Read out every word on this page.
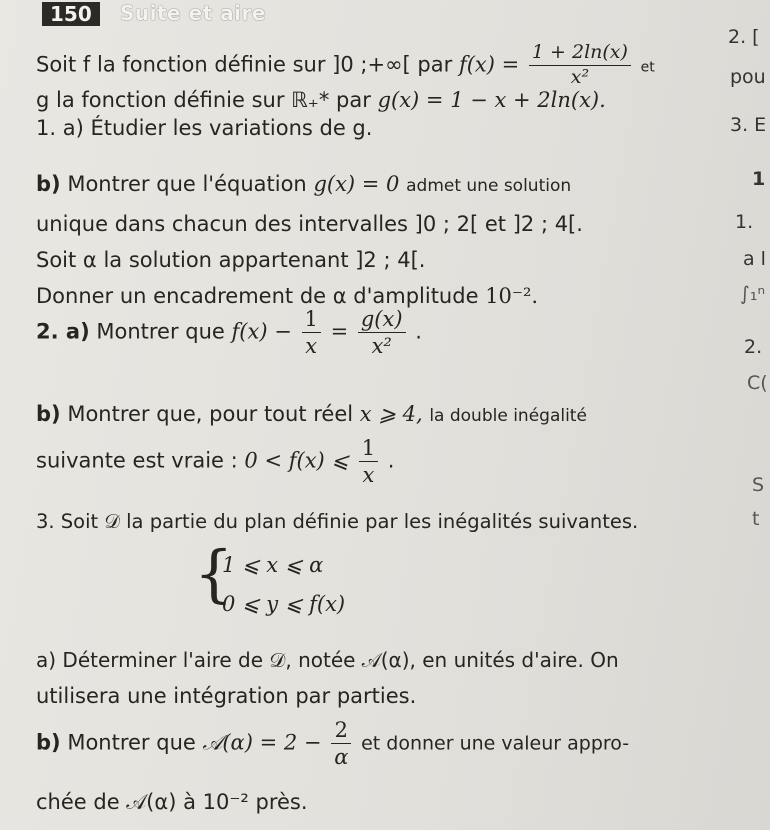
150	Suite et aire
Soit f la fonction définie sur ]0 ;+∞[ par $f(x) = \frac{1 + 2\ln(x)}{\text{x²}}$ et
g la fonction définie sur ℝ₊* par g(x) = 1 − x + 2ln(x).
1. a) Étudier les variations de g.
b) Montrer que l'équation g(x) = 0 admet une solution
unique dans chacun des intervalles ]0 ; 2[ et ]2 ; 4[.
Soit α la solution appartenant ]2 ; 4[.
Donner un encadrement de α d'amplitude 10⁻².
2. a) Montrer que $f(x) - \frac{1}{x} = \frac{g(x)}{\text{x²}}$ .
b) Montrer que, pour tout réel x ⩾ 4, la double inégalité
suivante est vraie : 0 < f(x) ⩽ $\frac{1}{x}$ .
3. Soit 𝒟 la partie du plan définie par les inégalités suivantes.
{
1 ⩽ x ⩽ α
0 ⩽ y ⩽ f(x)
a) Déterminer l'aire de 𝒟, notée 𝒜(α), en unités d'aire. On
utilisera une intégration par parties.
b) Montrer que 𝒜(α) = $2 - \frac{2}{\alpha}$ et donner une valeur appro-
chée de 𝒜(α) à 10⁻² près.
2. [
pou
3. E
1
1.
a l
∫₁ⁿ
2.
C(
S
t
